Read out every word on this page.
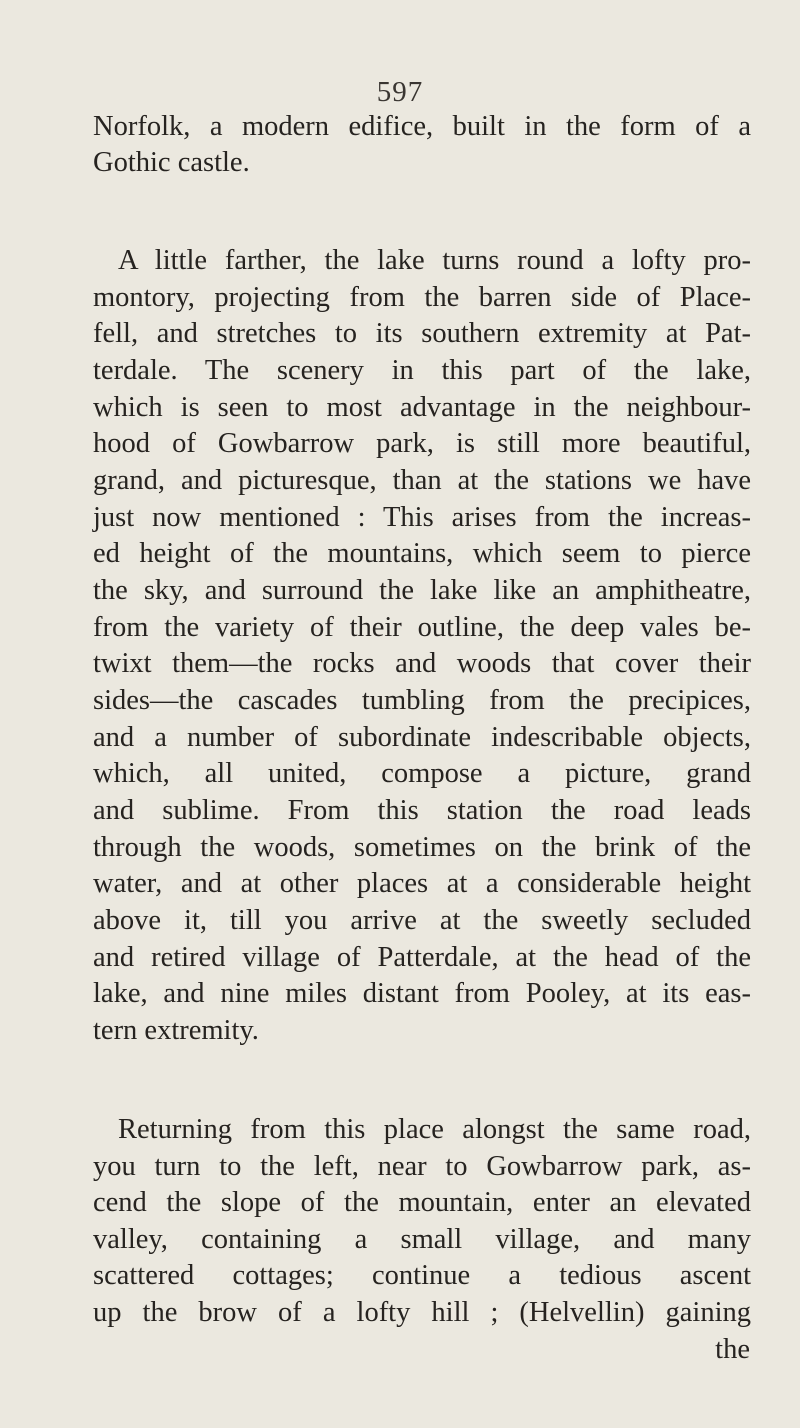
597
Norfolk, a modern edifice, built in the form of a
Gothic castle.
A little farther, the lake turns round a lofty pro-
montory, projecting from the barren side of Place-
fell, and stretches to its southern extremity at Pat-
terdale. The scenery in this part of the lake,
which is seen to most advantage in the neighbour-
hood of Gowbarrow park, is still more beautiful,
grand, and picturesque, than at the stations we have
just now mentioned : This arises from the increas-
ed height of the mountains, which seem to pierce
the sky, and surround the lake like an amphitheatre,
from the variety of their outline, the deep vales be-
twixt them—the rocks and woods that cover their
sides—the cascades tumbling from the precipices,
and a number of subordinate indescribable objects,
which, all united, compose a picture, grand
and sublime. From this station the road leads
through the woods, sometimes on the brink of the
water, and at other places at a considerable height
above it, till you arrive at the sweetly secluded
and retired village of Patterdale, at the head of the
lake, and nine miles distant from Pooley, at its eas-
tern extremity.
Returning from this place alongst the same road,
you turn to the left, near to Gowbarrow park, as-
cend the slope of the mountain, enter an elevated
valley, containing a small village, and many
scattered cottages; continue a tedious ascent
up the brow of a lofty hill ; (Helvellin) gaining
the
